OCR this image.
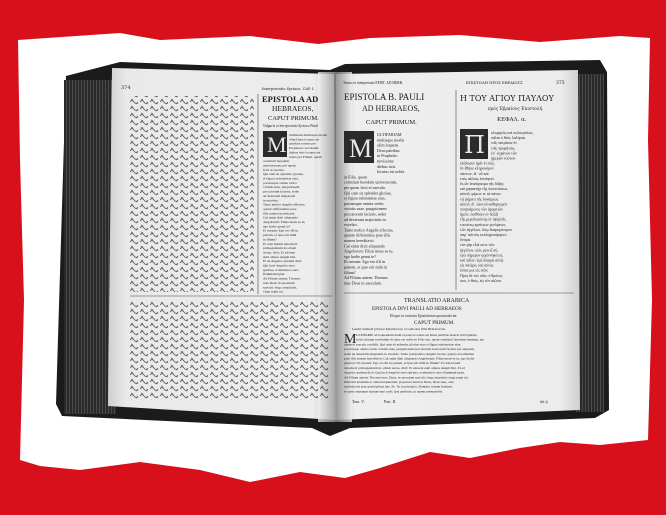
374	Interpretatio Syriaca. CAP. I.
EPISTOLA AD
HEBRAEOS,
CAPUT PRIMUM.
Vulgaris et interpretatio Syriaca Pauli
M ultifariam multisque modis
olim Deus locutus est
patribus nostris per
Prophetas: novissime
diebus istis locutus est
nobis per Filium, quem
constituit heredem
universorum, per quem
fecit et saecula.
Qui cum sit splendor gloriae,
et figura substantiae eius,
portansque omnia verbo
virtutis suae, purgationem
peccatorum faciens, sedet
ad dexteram majestatis
in excelsis.
Tanto melior Angelis effectus,
quanto differentius prae
illis nomen hereditavit.
Cui enim dixit aliquando
Angelorum: Filius meus es tu,
ego hodie genui te?
Et rursum: Ego ero illi in
patrem, et ipse erit mihi
in filium?
Et cum iterum introducit
primogenitum in orbem
terrae, dicit: Et adorent
eum omnes Angeli Dei.
Et ad Angelos quidem dicit:
Qui facit Angelos suos
spiritus, et ministros suos
flammam ignis.
Ad Filium autem: Thronus
tuus Deus in saeculum
saeculi: virga aequitatis,
virga regni tui.
Textus et interpretatio EPIST. AD HEBR.	ΕΠΙΣΤΟΛΗ ΠΡΟΣ ΕΒΡΑΙΟΥΣ	375
EPISTOLA B. PAULI
AD HEBRAEOS,
CAPUT PRIMUM.
M ULTIFARIAM
multisque modis
olim loquens
Deus patribus
in Prophetis:
novissime
diebus istis
locutus est nobis
in Filio, quem
constituit heredem universorum,
per quem fecit et saecula.
Qui cum sit splendor gloriae,
et figura substantiae eius,
portansque omnia verbo
virtutis suae, purgationem
peccatorum faciens, sedet
ad dexteram majestatis in
excelsis.
Tanto melior Angelis effectus,
quanto differentius prae illis
nomen hereditavit.
Cui enim dixit aliquando
Angelorum: Filius meus es tu,
ego hodie genui te?
Et rursum: Ego ero illi in
patrem, et ipse erit mihi in
filium?
Ad Filium autem: Thronus
tuus Deus in saeculum.
Η ΤΟΥ ΑΓΙΟΥ ΠΑΥΛΟΥ
πρὸς Ἑβραίους Ἐπιστολή.
ΚΕΦΑΛ. α.
Π ολυμερῶς καὶ πολυτρόπως
πάλαι ὁ θεὸς λαλήσας
τοῖς πατράσιν ἐν
τοῖς προφήταις,
ἐπ᾽ ἐσχάτων τῶν
ἡμερῶν τούτων
ἐλάλησεν ἡμῖν ἐν υἱῷ,
ὃν ἔθηκε κληρονόμον
πάντων, δι᾽ οὗ καὶ
τοὺς αἰῶνας ἐποίησεν.
ὃς ὢν ἀπαύγασμα τῆς δόξης
καὶ χαρακτὴρ τῆς ὑποστάσεως
αὐτοῦ, φέρων τε τὰ πάντα
τῷ ῥήματι τῆς δυνάμεως
αὐτοῦ, δι᾽ ἑαυτοῦ καθαρισμὸν
ποιησάμενος τῶν ἁμαρτιῶν
ἡμῶν, ἐκάθισεν ἐν δεξιᾷ
τῆς μεγαλωσύνης ἐν ὑψηλοῖς.
τοσούτῳ κρείττων γενόμενος
τῶν ἀγγέλων, ὅσῳ διαφορώτερον
παρ᾽ αὐτοὺς κεκληρονόμηκεν
ὄνομα.
τίνι γὰρ εἶπέ ποτε τῶν
ἀγγέλων, υἱός μου εἶ σύ,
ἐγὼ σήμερον γεγέννηκά σε;
καὶ πάλιν, ἐγὼ ἔσομαι αὐτῷ
εἰς πατέρα, καὶ αὐτὸς
ἔσται μοι εἰς υἱόν;
Πρὸς δὲ τὸν υἱόν, ὁ θρόνος
σου, ὁ θεός, εἰς τὸν αἰῶνα.
TRANSLATIO ARABICA
EPISTOLA DIVI PAULI AD HEBRAEOS
Eloque in contextu Epistolarum quatuordecim.
CAPUT PRIMUM.
Laudet Sabbath primum Epistolarum, et vobis das filiis Hebraeorum.
M ULTIFARIE ad loquendum dedit et pauca locutus est Deus patribus nostris in Prophetis,
in his dierum novissimis locutus est nobis in Filio suo, quem constituit heredem omnium, per
quem et saecula condidit. Qui cum sit splendor gloriae eius et figura substantiae eius,
portansque omnia verbo virtutis suae, purgationem peccatorum nostrorum faciens per seipsum,
sedet ad dexteram majestatis in excelsis. Tanto praestantior Angelis factus, quanto excellentius
prae illis nomen hereditavit. Cui enim dixit aliquando Angelorum: Filius meus es tu, ego hodie
genui te? Et rursum: Ego ero illi in patrem, et ipse erit mihi in filium? Et cum iterum
introducit primogenitum in orbem terrae, dicit: Et adorent eum omnes Angeli Dei. Et ad
Angelos quidem dicit: Qui facit Angelos suos spiritus, et ministros suos flammam ignis.
Ad Filium autem: Thronus tuus, Deus, in saeculum saeculi, virga aequitatis virga regni tui.
Dilexisti justitiam et odisti iniquitatem, propterea unxit te Deus, Deus tuus, oleo
exultationis prae participibus tuis. Et: Tu in principio, Domine, terram fundasti,
et opera manuum tuarum sunt caeli. Ipsi peribunt, tu autem permanebis.
Tom. V.	Part. II.	tttt ij
